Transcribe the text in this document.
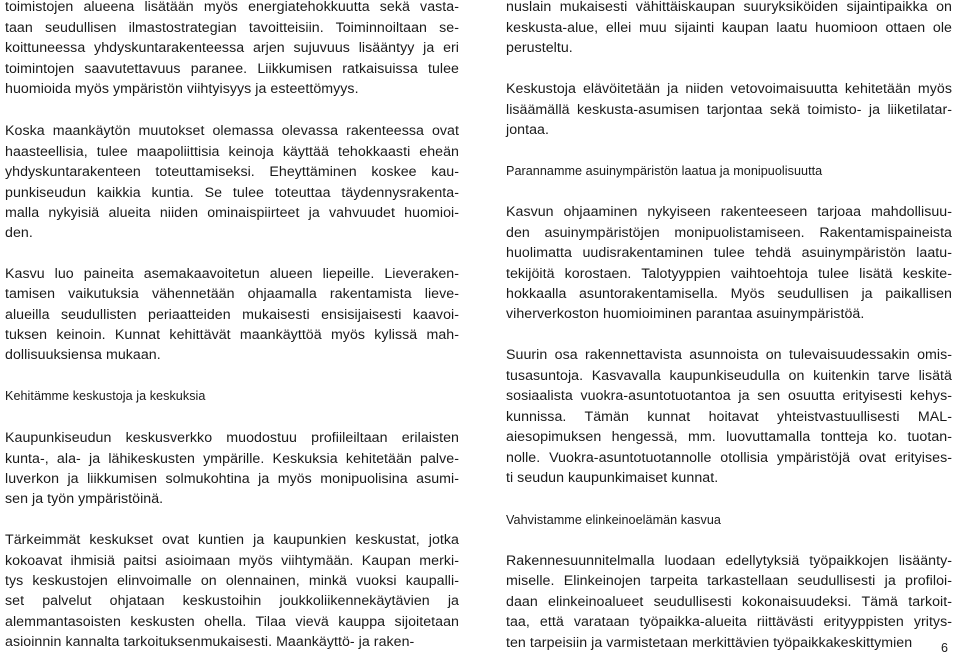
toimistojen alueena lisätään myös energiatehokkuutta sekä vasta-
taan seudullisen ilmastostrategian tavoitteisiin. Toiminnoiltaan se-
koittuneessa yhdyskuntarakenteessa arjen sujuvuus lisääntyy ja eri
toimintojen saavutettavuus paranee. Liikkumisen ratkaisuissa tulee
huomioida myös ympäristön viihtyisyys ja esteettömyys.
Koska maankäytön muutokset olemassa olevassa rakenteessa ovat
haasteellisia, tulee maapoliittisia keinoja käyttää tehokkaasti eheän
yhdyskuntarakenteen toteuttamiseksi. Eheyttäminen koskee kau-
punkiseudun kaikkia kuntia. Se tulee toteuttaa täydennysrakenta-
malla nykyisiä alueita niiden ominaispiirteet ja vahvuudet huomioi-
den.
Kasvu luo paineita asemakaavoitetun alueen liepeille. Lieveraken-
tamisen vaikutuksia vähennetään ohjaamalla rakentamista lieve-
alueilla seudullisten periaatteiden mukaisesti ensisijaisesti kaavoi-
tuksen keinoin. Kunnat kehittävät maankäyttöä myös kylissä mah-
dollisuuksiensa mukaan.
Kehitämme keskustoja ja keskuksia
Kaupunkiseudun keskusverkko muodostuu profiileiltaan erilaisten
kunta-, ala- ja lähikeskusten ympärille. Keskuksia kehitetään palve-
luverkon ja liikkumisen solmukohtina ja myös monipuolisina asumi-
sen ja työn ympäristöinä.
Tärkeimmät keskukset ovat kuntien ja kaupunkien keskustat, jotka
kokoavat ihmisiä paitsi asioimaan myös viihtymään. Kaupan merki-
tys keskustojen elinvoimalle on olennainen, minkä vuoksi kaupalli-
set palvelut ohjataan keskustoihin joukkoliikennekäytävien ja
alemmantasoisten keskusten ohella. Tilaa vievä kauppa sijoitetaan
asioinnin kannalta tarkoituksenmukaisesti. Maankäyttö- ja raken-
nuslain mukaisesti vähittäiskaupan suuryksiköiden sijaintipaikka on
keskusta-alue, ellei muu sijainti kaupan laatu huomioon ottaen ole
perusteltu.
Keskustoja elävöitetään ja niiden vetovoimaisuutta kehitetään myös
lisäämällä keskusta-asumisen tarjontaa sekä toimisto- ja liiketilatar-
jontaa.
Parannamme asuinympäristön laatua ja monipuolisuutta
Kasvun ohjaaminen nykyiseen rakenteeseen tarjoaa mahdollisuu-
den asuinympäristöjen monipuolistamiseen. Rakentamispaineista
huolimatta uudisrakentaminen tulee tehdä asuinympäristön laatu-
tekijöitä korostaen. Talotyyppien vaihtoehtoja tulee lisätä keskite-
hokkaalla asuntorakentamisella. Myös seudullisen ja paikallisen
viherverkoston huomioiminen parantaa asuinympäristöä.
Suurin osa rakennettavista asunnoista on tulevaisuudessakin omis-
tusasuntoja. Kasvavalla kaupunkiseudulla on kuitenkin tarve lisätä
sosiaalista vuokra-asuntotuotantoa ja sen osuutta erityisesti kehys-
kunnissa. Tämän kunnat hoitavat yhteistvastuullisesti MAL-
aiesopimuksen hengessä, mm. luovuttamalla tontteja ko. tuotan-
nolle. Vuokra-asuntotuotannolle otollisia ympäristöjä ovat erityises-
ti seudun kaupunkimaiset kunnat.
Vahvistamme elinkeinoelämän kasvua
Rakennesuunnitelmalla luodaan edellytyksiä työpaikkojen lisäänty-
miselle. Elinkeinojen tarpeita tarkastellaan seudullisesti ja profiloi-
daan elinkeinoalueet seudullisesti kokonaisuudeksi. Tämä tarkoit-
taa, että varataan työpaikka-alueita riittävästi erityyppisten yritys-
ten tarpeisiin ja varmistetaan merkittävien työpaikkakeskittymien 6
